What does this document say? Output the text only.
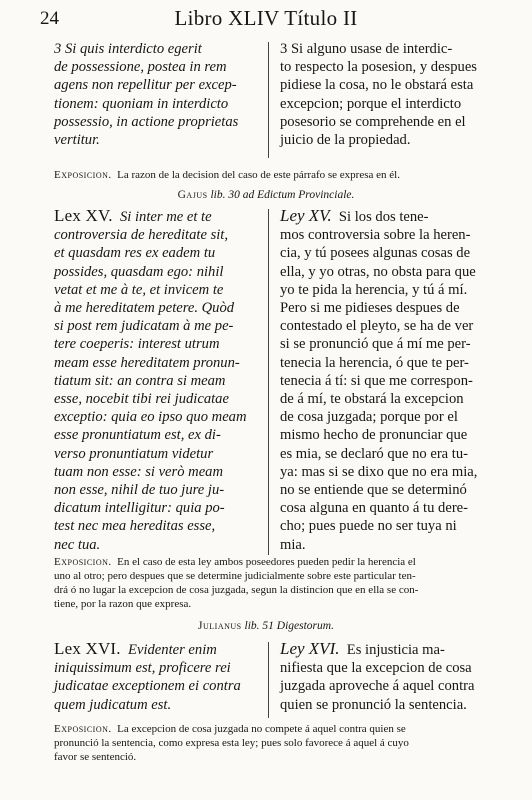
24	Libro XLIV Título II
3 Si quis interdicto egerit
de possessione, postea in rem
agens non repellitur per excep-
tionem: quoniam in interdicto
possessio, in actione proprietas
vertitur.
3 Si alguno usase de interdic-
to respecto la posesion, y despues
pidiese la cosa, no le obstará esta
excepcion; porque el interdicto
posesorio se comprehende en el
juicio de la propiedad.
Exposicion. La razon de la decision del caso de este párrafo se expresa en él.
Gajus lib. 30 ad Edictum Provinciale.
Lex XV. Si inter me et te
controversia de hereditate sit,
et quasdam res ex eadem tu
possides, quasdam ego: nihil
vetat et me à te, et invicem te
à me hereditatem petere. Quòd
si post rem judicatam à me pe-
tere coeperis: interest utrum
meam esse hereditatem pronun-
tiatum sit: an contra si meam
esse, nocebit tibi rei judicatae
exceptio: quia eo ipso quo meam
esse pronuntiatum est, ex di-
verso pronuntiatum videtur
tuam non esse: si verò meam
non esse, nihil de tuo jure ju-
dicatum intelligitur: quia po-
test nec mea hereditas esse,
nec tua.
Ley XV. Si los dos tene-
mos controversia sobre la heren-
cia, y tú posees algunas cosas de
ella, y yo otras, no obsta para que
yo te pida la herencia, y tú á mí.
Pero si me pidieses despues de
contestado el pleyto, se ha de ver
si se pronunció que á mí me per-
tenecia la herencia, ó que te per-
tenecia á tí: si que me correspon-
de á mí, te obstará la excepcion
de cosa juzgada; porque por el
mismo hecho de pronunciar que
es mia, se declaró que no era tu-
ya: mas si se dixo que no era mia,
no se entiende que se determinó
cosa alguna en quanto á tu dere-
cho; pues puede no ser tuya ni
mia.
Exposicion. En el caso de esta ley ambos poseedores pueden pedir la herencia el
uno al otro; pero despues que se determine judicialmente sobre este particular ten-
drá ó no lugar la excepcion de cosa juzgada, segun la distincion que en ella se con-
tiene, por la razon que expresa.
Julianus lib. 51 Digestorum.
Lex XVI. Evidenter enim
iniquissimum est, proficere rei
judicatae exceptionem ei contra
quem judicatum est.
Ley XVI. Es injusticia ma-
nifiesta que la excepcion de cosa
juzgada aproveche á aquel contra
quien se pronunció la sentencia.
Exposicion. La excepcion de cosa juzgada no compete á aquel contra quien se
pronunció la sentencia, como expresa esta ley; pues solo favorece á aquel á cuyo
favor se sentenció.
